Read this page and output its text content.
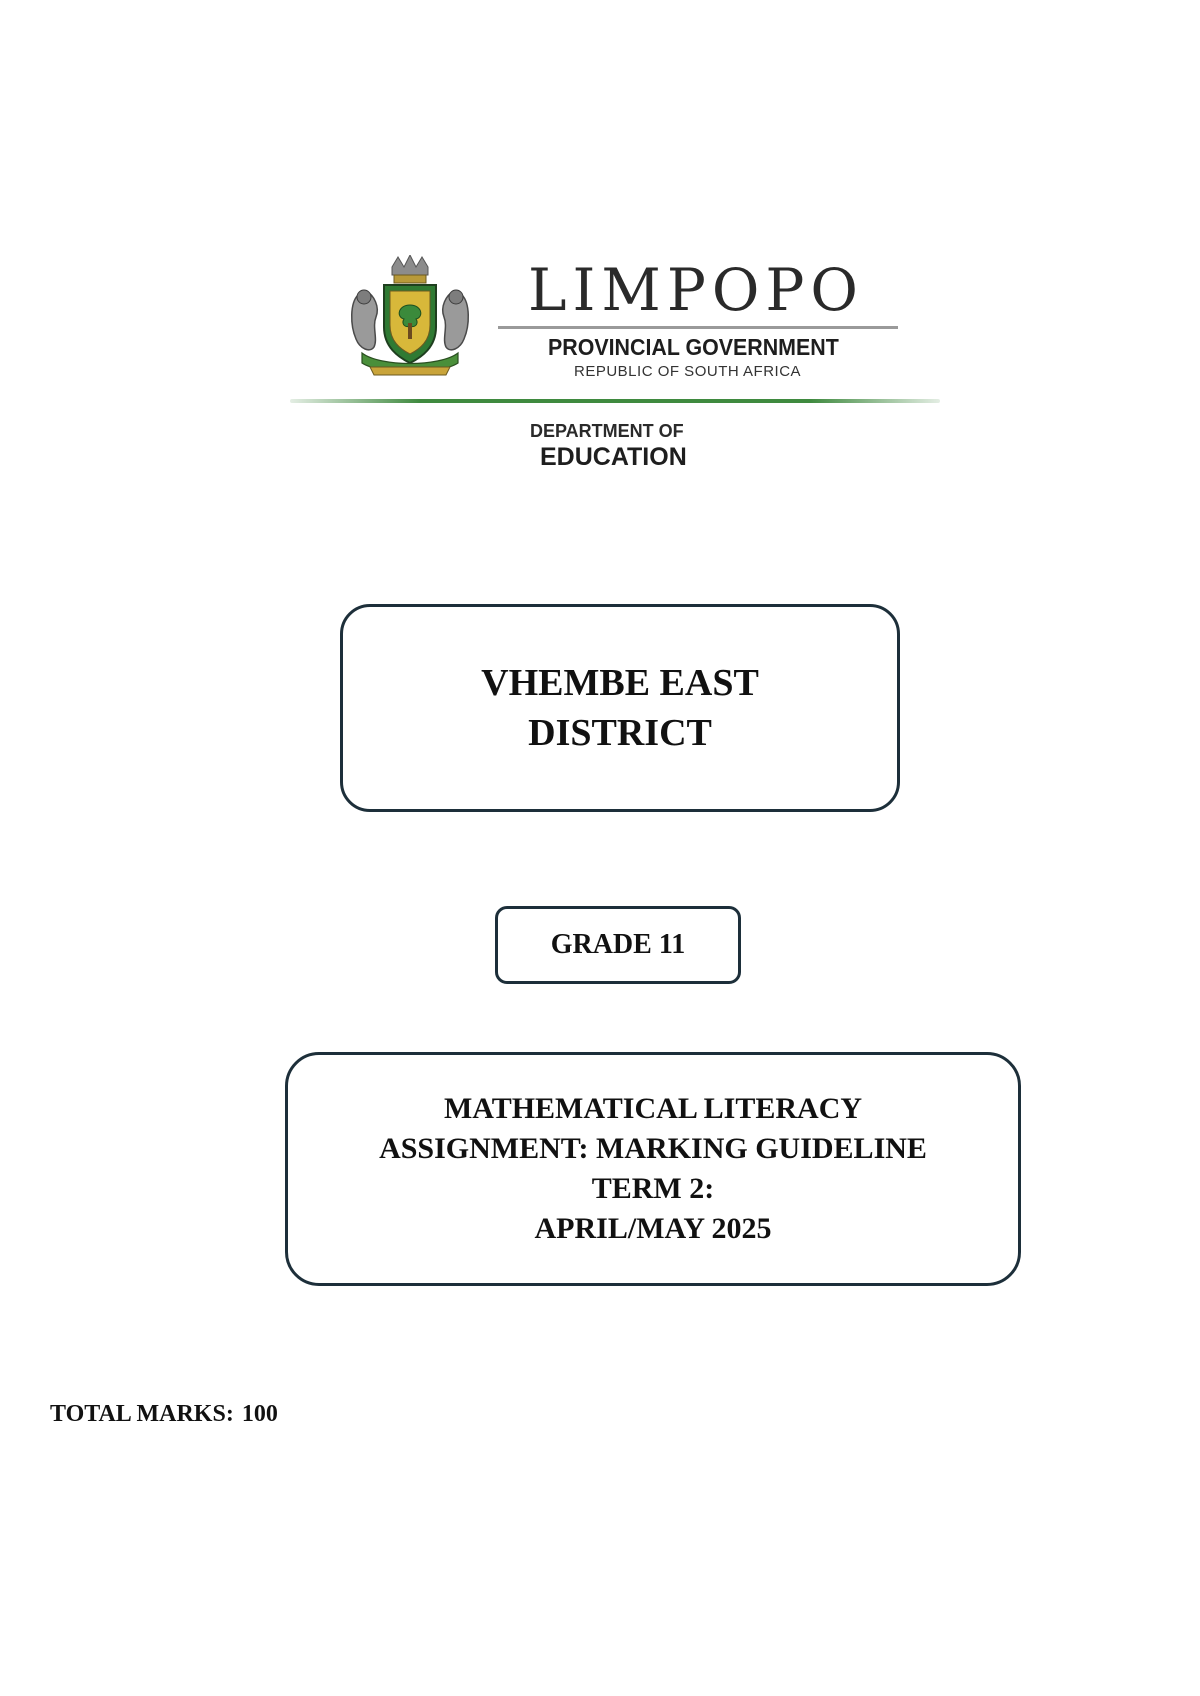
LIMPOPO
PROVINCIAL GOVERNMENT
REPUBLIC OF SOUTH AFRICA
DEPARTMENT OF
EDUCATION
VHEMBE EAST
DISTRICT
GRADE 11
MATHEMATICAL LITERACY
ASSIGNMENT: MARKING GUIDELINE
TERM 2:
APRIL/MAY 2025
TOTAL MARKS: 100
